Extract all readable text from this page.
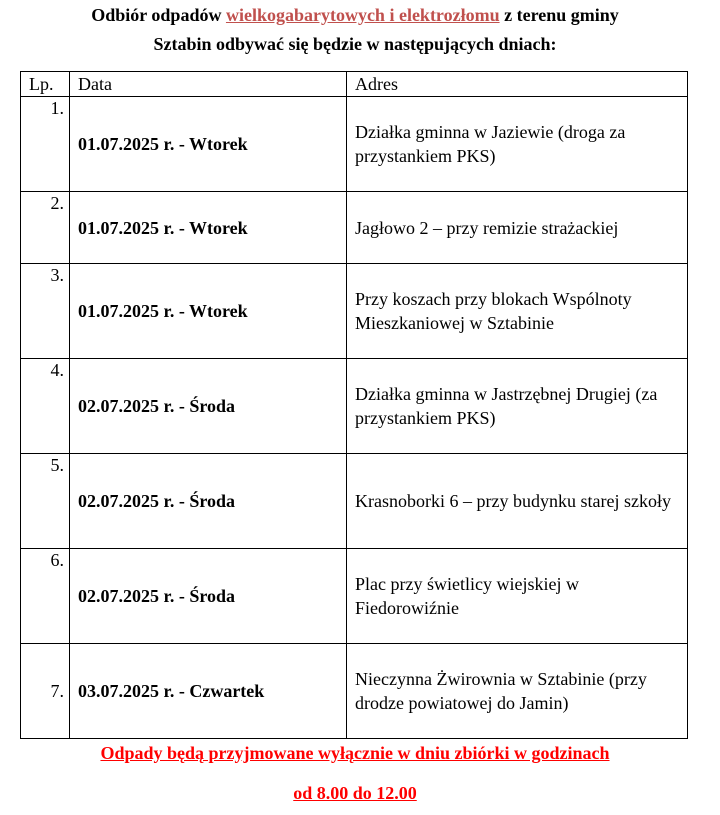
Odbiór odpadów wielkogabarytowych i elektrozłomu z terenu gminy
Sztabin odbywać się będzie w następujących dniach:
Lp.	Data	Adres
1.	01.07.2025 r. - Wtorek	Działka gminna w Jaziewie (droga za przystankiem PKS)
2.	01.07.2025 r. - Wtorek	Jagłowo 2 – przy remizie strażackiej
3.	01.07.2025 r. - Wtorek	Przy koszach przy blokach Wspólnoty Mieszkaniowej w Sztabinie
4.	02.07.2025 r. - Środa	Działka gminna w Jastrzębnej Drugiej (za przystankiem PKS)
5.	02.07.2025 r. - Środa	Krasnoborki 6 – przy budynku starej szkoły
6.	02.07.2025 r. - Środa	Plac przy świetlicy wiejskiej w Fiedorowiźnie
7.	03.07.2025 r. - Czwartek	Nieczynna Żwirownia w Sztabinie (przy drodze powiatowej do Jamin)
Odpady będą przyjmowane wyłącznie w dniu zbiórki w godzinach
od 8.00 do 12.00
